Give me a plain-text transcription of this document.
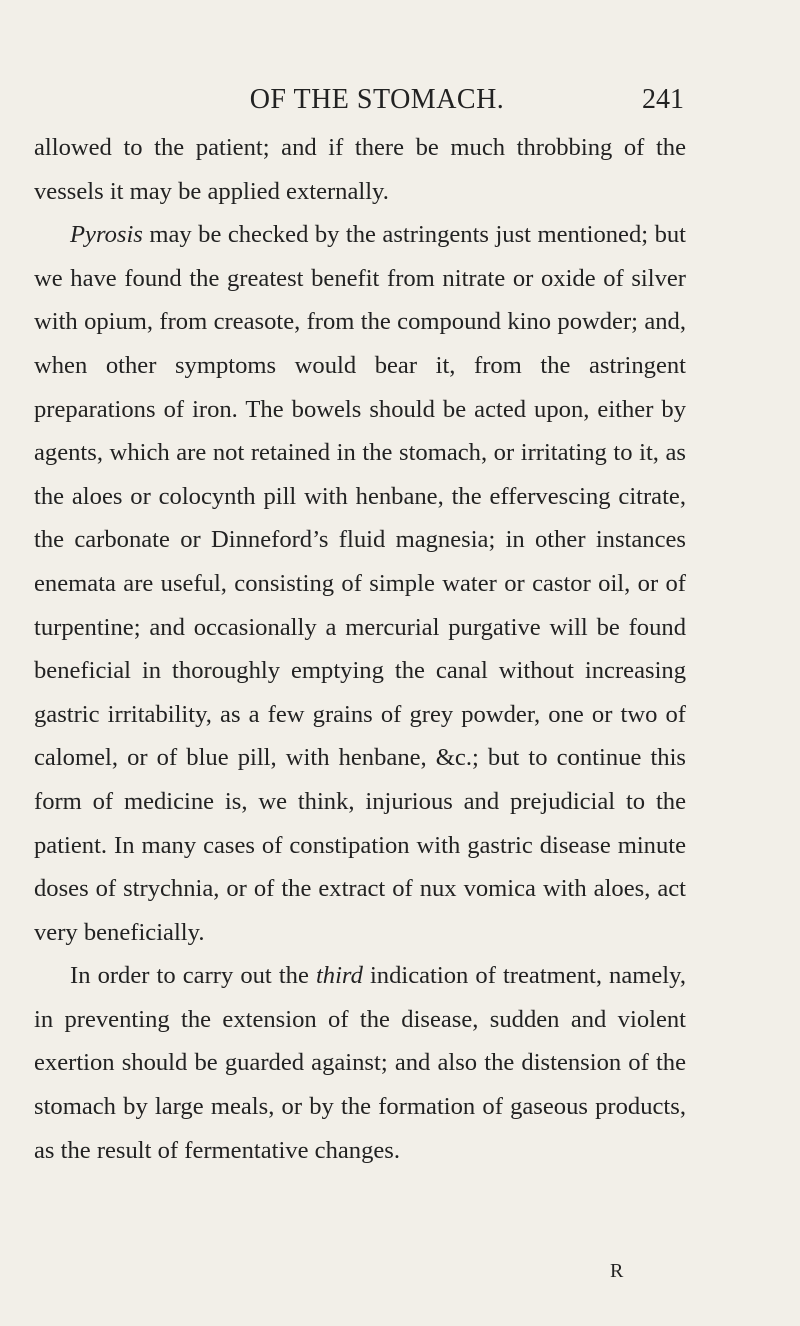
OF THE STOMACH.	241

allowed to the patient; and if there be much throbbing of the vessels it may be applied externally.

Pyrosis may be checked by the astringents just mentioned; but we have found the greatest benefit from nitrate or oxide of silver with opium, from creasote, from the compound kino powder; and, when other symptoms would bear it, from the astringent preparations of iron. The bowels should be acted upon, either by agents, which are not retained in the stomach, or irritating to it, as the aloes or colocynth pill with henbane, the effervescing citrate, the carbonate or Dinneford’s fluid magnesia; in other instances enemata are useful, consisting of simple water or castor oil, or of turpentine; and occasionally a mercurial purgative will be found beneficial in thoroughly emptying the canal without increasing gastric irritability, as a few grains of grey powder, one or two of calomel, or of blue pill, with henbane, &c.; but to continue this form of medicine is, we think, injurious and prejudicial to the patient. In many cases of constipation with gastric disease minute doses of strychnia, or of the extract of nux vomica with aloes, act very beneficially.

In order to carry out the third indication of treatment, namely, in preventing the extension of the disease, sudden and violent exertion should be guarded against; and also the distension of the stomach by large meals, or by the formation of gaseous products, as the result of fermentative changes.

R
